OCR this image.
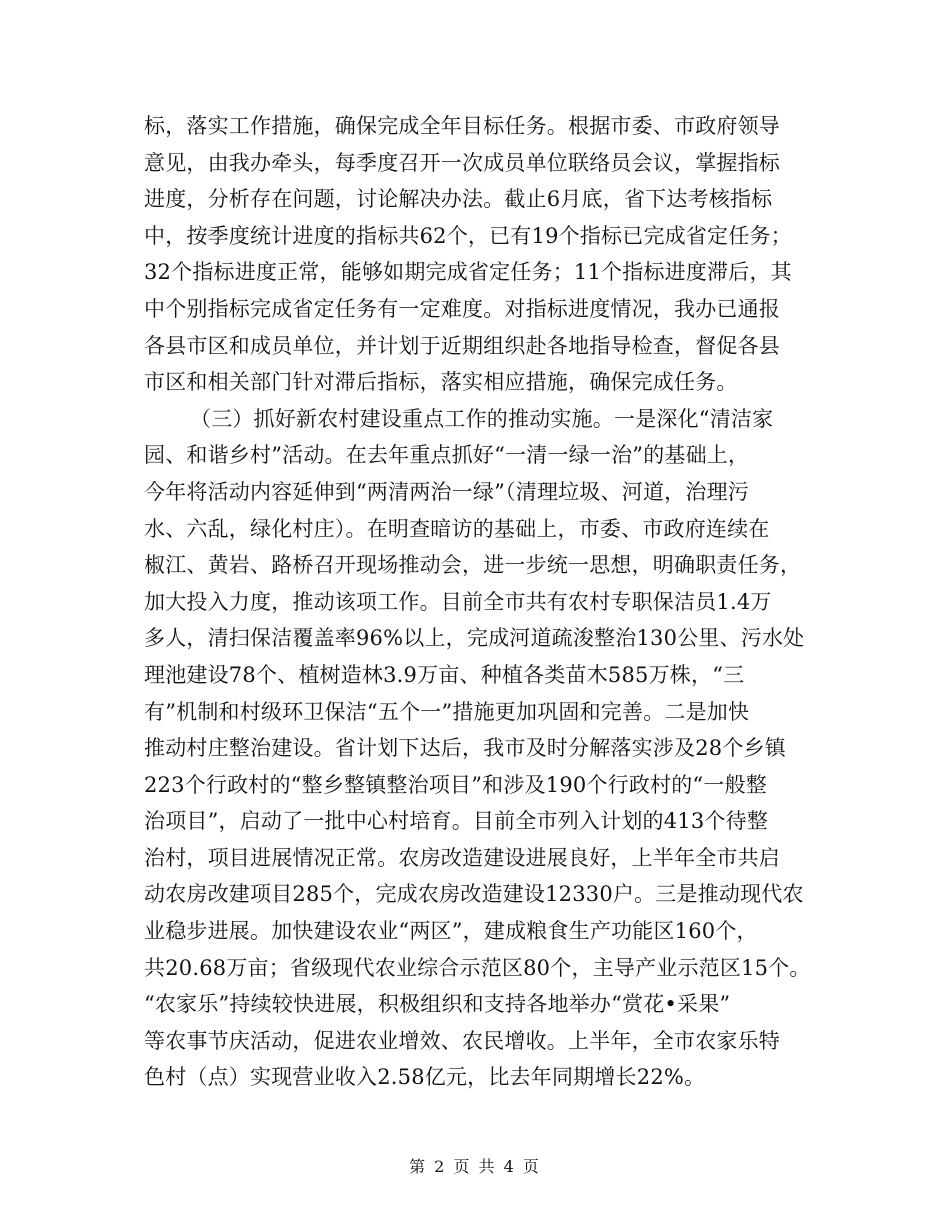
标，落实工作措施，确保完成全年目标任务。根据市委、市政府领导
意见，由我办牵头，每季度召开一次成员单位联络员会议，掌握指标
进度，分析存在问题，讨论解决办法。截止6月底，省下达考核指标
中，按季度统计进度的指标共62个，已有19个指标已完成省定任务；
32个指标进度正常，能够如期完成省定任务；11个指标进度滞后，其
中个别指标完成省定任务有一定难度。对指标进度情况，我办已通报
各县市区和成员单位，并计划于近期组织赴各地指导检查，督促各县
市区和相关部门针对滞后指标，落实相应措施，确保完成任务。
（三）抓好新农村建设重点工作的推动实施。一是深化“清洁家
园、和谐乡村”活动。在去年重点抓好“一清一绿一治”的基础上，
今年将活动内容延伸到“两清两治一绿”（清理垃圾、河道，治理污
水、六乱，绿化村庄）。在明查暗访的基础上，市委、市政府连续在
椒江、黄岩、路桥召开现场推动会，进一步统一思想，明确职责任务，
加大投入力度，推动该项工作。目前全市共有农村专职保洁员1.4万
多人，清扫保洁覆盖率96%以上，完成河道疏浚整治130公里、污水处
理池建设78个、植树造林3.9万亩、种植各类苗木585万株，“三
有”机制和村级环卫保洁“五个一”措施更加巩固和完善。二是加快
推动村庄整治建设。省计划下达后，我市及时分解落实涉及28个乡镇
223个行政村的“整乡整镇整治项目”和涉及190个行政村的“一般整
治项目”，启动了一批中心村培育。目前全市列入计划的413个待整
治村，项目进展情况正常。农房改造建设进展良好，上半年全市共启
动农房改建项目285个，完成农房改造建设12330户。三是推动现代农
业稳步进展。加快建设农业“两区”，建成粮食生产功能区160个，
共20.68万亩；省级现代农业综合示范区80个，主导产业示范区15个。
“农家乐”持续较快进展，积极组织和支持各地举办“赏花•采果”
等农事节庆活动，促进农业增效、农民增收。上半年，全市农家乐特
色村（点）实现营业收入2.58亿元，比去年同期增长22%。
第 2 页 共 4 页
